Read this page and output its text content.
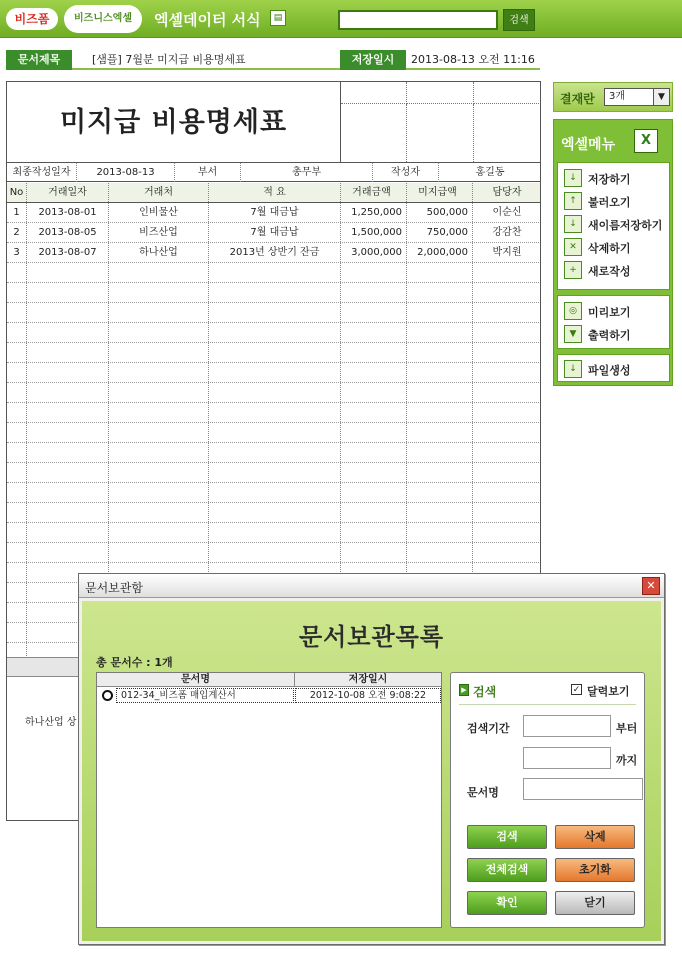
비즈폼	비즈니스엑셀	엑셀데이터 서식	▤	검색
문서제목	[샘플] 7월분 미지급 비용명세표	저장일시	2013-08-13 오전 11:16
미지급 비용명세표
최종작성일자	2013-08-13	부서	총무부	작성자	홍길동
No	거래일자	거래처	적 요	거래금액	미지급액	담당자
1	2013-08-01	인비물산	7월 대금납	1,250,000	500,000	이순신
2	2013-08-05	비즈산업	7월 대금납	1,500,000	750,000	강감찬
3	2013-08-07	하나산업	2013년 상반기 잔금	3,000,000	2,000,000	박지원
하나산업 상
결재란	3개	▼
엑셀메뉴	X
↓	저장하기
↑	불러오기
↓	새이름저장하기
✕	삭제하기
+	새로작성
◎	미리보기
▼	출력하기
↓	파일생성
문서보관함	✕
문서보관목록
총 문서수 : 1개
문서명	저장일시
012-34_비즈폼 매입계산서	2012-10-08 오전 9:08:22	▶ 검색	✓ 달력보기
검색기간	부터
까지
문서명
검색	삭제
전체검색	초기화
확인	닫기
